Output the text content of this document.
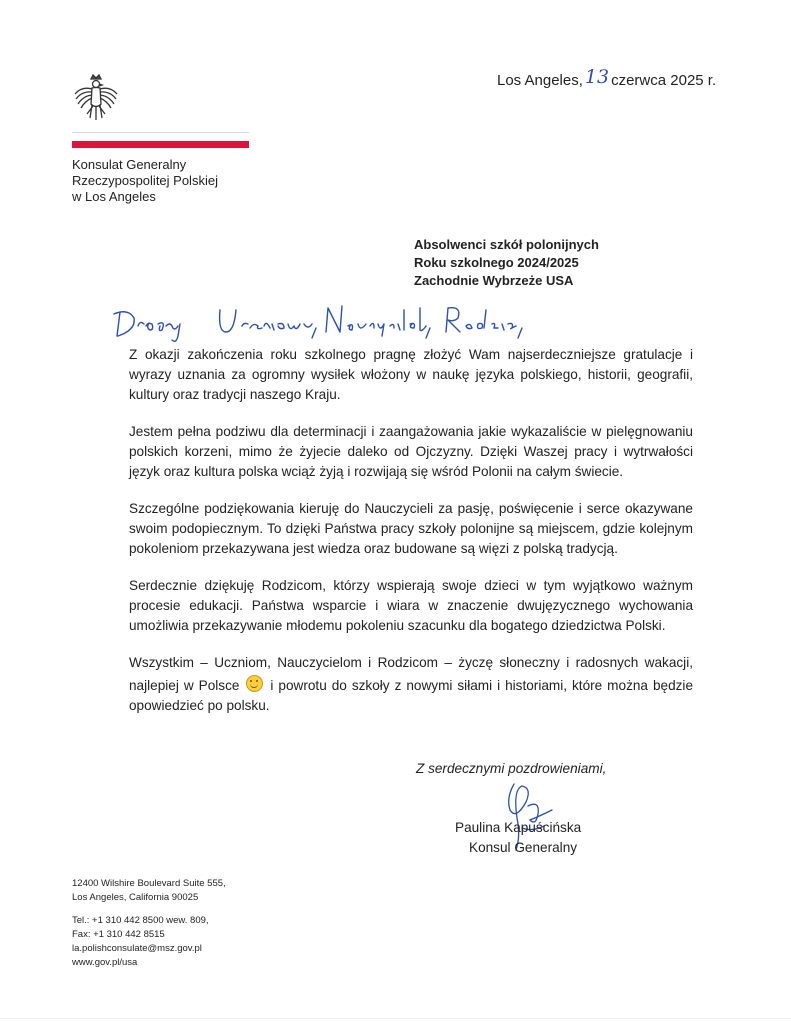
Konsulat Generalny
Rzeczypospolitej Polskiej
w Los Angeles
Los Angeles, 13 czerwca 2025 r.
Absolwenci szkół polonijnych
Roku szkolnego 2024/2025
Zachodnie Wybrzeże USA

Z okazji zakończenia roku szkolnego pragnę złożyć Wam najserdeczniejsze gratulacje i wyrazy uznania za ogromny wysiłek włożony w naukę języka polskiego, historii, geografii, kultury oraz tradycji naszego Kraju.

Jestem pełna podziwu dla determinacji i zaangażowania jakie wykazaliście w pielęgnowaniu polskich korzeni, mimo że żyjecie daleko od Ojczyzny. Dzięki Waszej pracy i wytrwałości język oraz kultura polska wciąż żyją i rozwijają się wśród Polonii na całym świecie.

Szczególne podziękowania kieruję do Nauczycieli za pasję, poświęcenie i serce okazywane swoim podopiecznym. To dzięki Państwa pracy szkoły polonijne są miejscem, gdzie kolejnym pokoleniom przekazywana jest wiedza oraz budowane są więzi z polską tradycją.

Serdecznie dziękuję Rodzicom, którzy wspierają swoje dzieci w tym wyjątkowo ważnym procesie edukacji. Państwa wsparcie i wiara w znaczenie dwujęzycznego wychowania umożliwia przekazywanie młodemu pokoleniu szacunku dla bogatego dziedzictwa Polski.

Wszystkim – Uczniom, Nauczycielom i Rodzicom – życzę słoneczny i radosnych wakacji, najlepiej w Polsce i powrotu do szkoły z nowymi siłami i historiami, które można będzie opowiedzieć po polsku.

Z serdecznymi pozdrowieniami,
Paulina Kapuścińska
Konsul Generalny
12400 Wilshire Boulevard Suite 555,
Los Angeles, California 90025
Tel.: +1 310 442 8500 wew. 809,
Fax: +1 310 442 8515
la.polishconsulate@msz.gov.pl
www.gov.pl/usa
